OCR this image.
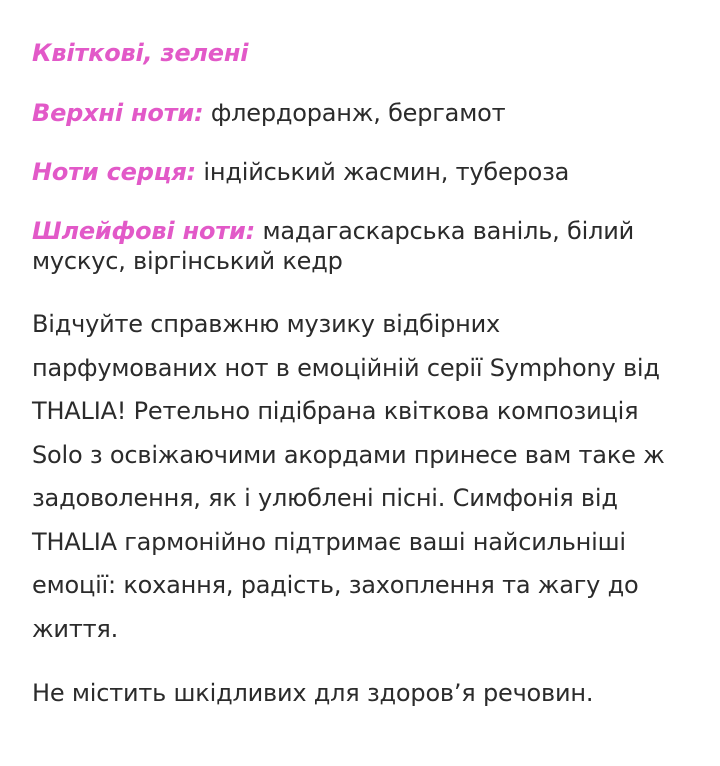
Квіткові, зелені

Верхні ноти: флердоранж, бергамот

Ноти серця: індійський жасмин, тубероза

Шлейфові ноти: мадагаскарська ваніль, білий мускус, віргінський кедр

Відчуйте справжню музику відбірних парфумованих нот в емоційній серії Symphony від THALIA! Ретельно підібрана квіткова композиція Solo з освіжаючими акордами принесе вам таке ж задоволення, як і улюблені пісні. Симфонія від THALIA гармонійно підтримає ваші найсильніші емоції: кохання, радість, захоплення та жагу до життя.

Не містить шкідливих для здоров’я речовин.
